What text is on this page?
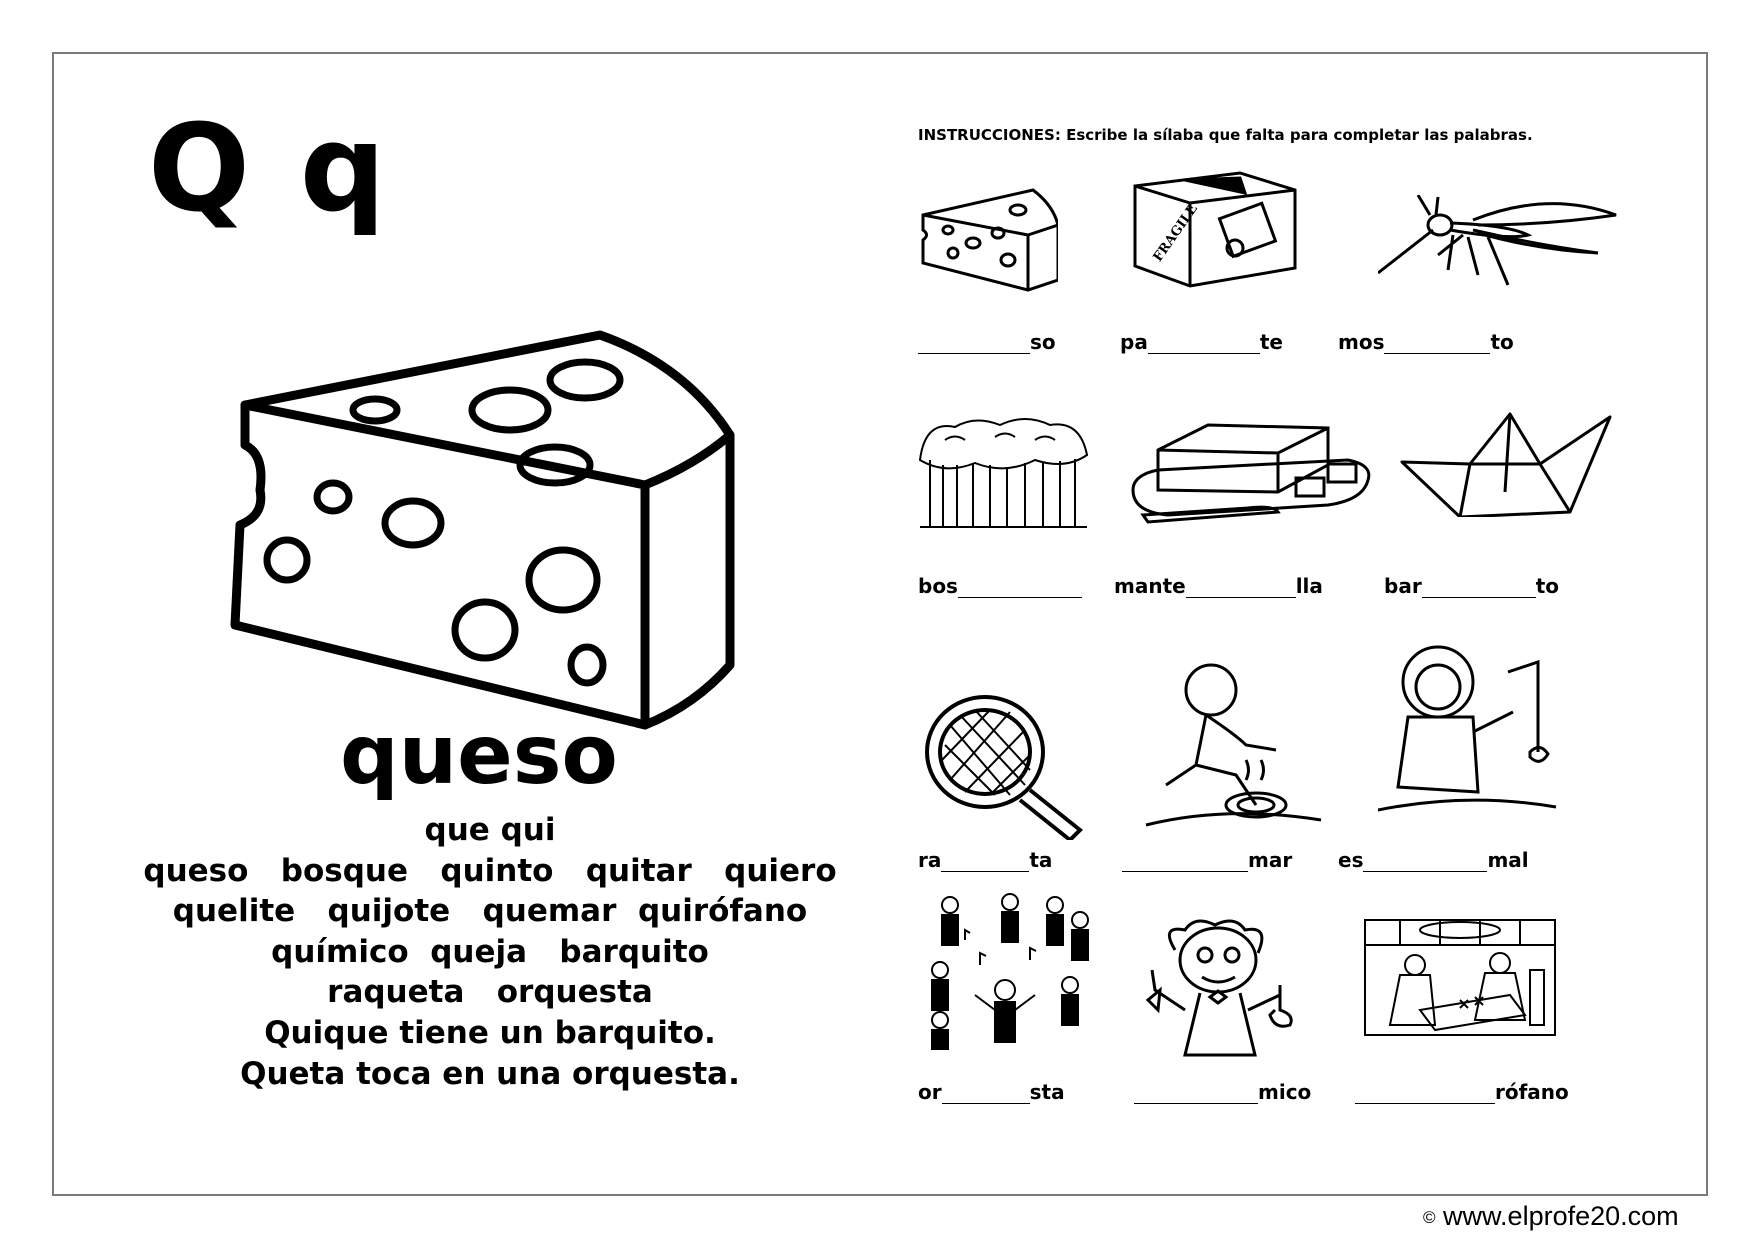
Q q
queso
que qui
queso   bosque   quinto   quitar   quiero
quelite   quijote   quemar  quirófano
químico  queja   barquito
raqueta   orquesta
Quique tiene un barquito.
Queta toca en una orquesta.
INSTRUCCIONES: Escribe la sílaba que falta para completar las palabras.
FRAGILE
so	pa	te	mos	to
bos	mante	lla	bar	to
ra	ta	mar es	mal
or	sta	mico	rófano
© www.elprofe20.com
